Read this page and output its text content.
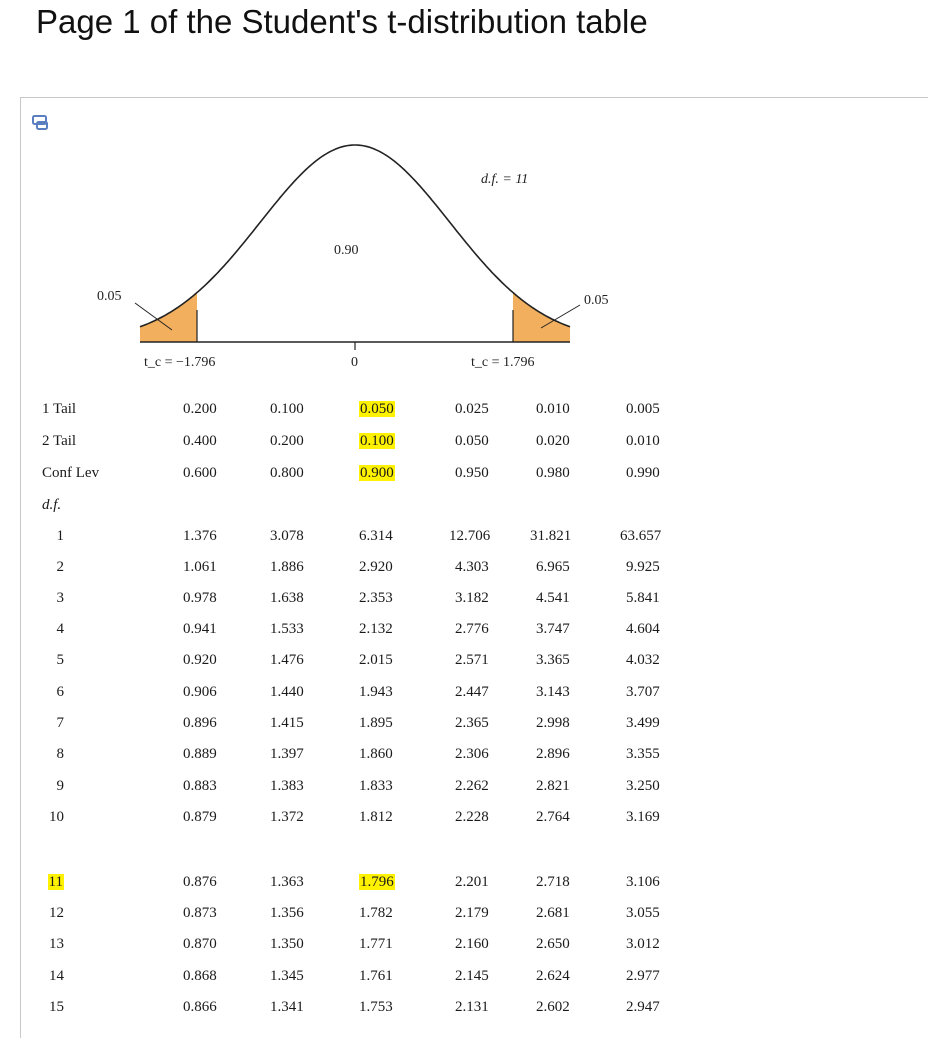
Page 1 of the Student's t-distribution table
d.f. = 11
0.90
0.05	0.05
t_c = −1.796	0	t_c = 1.796
1 Tail	0.200	0.100	0.050	0.025	0.010	0.005
2 Tail	0.400	0.200	0.100	0.050	0.020	0.010
Conf Lev	0.600	0.800	0.900	0.950	0.980	0.990
d.f.
1	1.376	3.078	6.314	12.706	31.821	63.657
2	1.061	1.886	2.920	4.303	6.965	9.925
3	0.978	1.638	2.353	3.182	4.541	5.841
4	0.941	1.533	2.132	2.776	3.747	4.604
5	0.920	1.476	2.015	2.571	3.365	4.032
6	0.906	1.440	1.943	2.447	3.143	3.707
7	0.896	1.415	1.895	2.365	2.998	3.499
8	0.889	1.397	1.860	2.306	2.896	3.355
9	0.883	1.383	1.833	2.262	2.821	3.250
10	0.879	1.372	1.812	2.228	2.764	3.169
11	0.876	1.363	1.796	2.201	2.718	3.106
12	0.873	1.356	1.782	2.179	2.681	3.055
13	0.870	1.350	1.771	2.160	2.650	3.012
14	0.868	1.345	1.761	2.145	2.624	2.977
15	0.866	1.341	1.753	2.131	2.602	2.947
